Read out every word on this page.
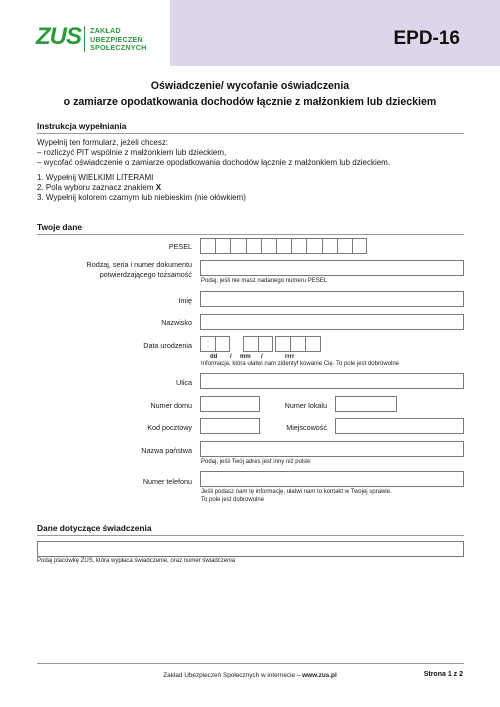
ZUS ZAKŁAD
UBEZPIECZEŃ
SPOŁECZNYCH	EPD-16
Oświadczenie/ wycofanie oświadczenia
o zamiarze opodatkowania dochodów łącznie z małżonkiem lub dzieckiem
Instrukcja wypełniania
Wypełnij ten formularz, jeżeli chcesz:
– rozliczyć PIT wspólnie z małżonkiem lub dzieckiem,
– wycofać oświadczenie o zamiarze opodatkowania dochodów łącznie z małżonkiem lub dzieckiem.
1. Wypełnij WIELKIMI LITERAMI
2. Pola wyboru zaznacz znakiem X
3. Wypełnij kolorem czarnym lub niebieskim (nie ołówkiem)
Twoje dane
PESEL
Rodzaj, seria i numer dokumentu
potwierdzającego tożsamość
Podaj, jeśli nie masz nadanego numeru PESEL
Imię
Nazwisko
Data urodzenia
dd / mm /	rrrr
Informacja, która ułatwi nam zidentyf kowanie Cię. To pole jest dobrowolne
Ulica
Numer domu	Numer lokalu
Kod pocztowy	Miejscowość
Nazwa państwa
Podaj, jeśli Twój adres jest inny niż polski
Numer telefonu
Jeśli podasz nam tę informację, ułatwi nam to kontakt w Twojej sprawie.
To pole jest dobrowolne
Dane dotyczące świadczenia
Podaj placówkę ZUS, która wypłaca świadczenie, oraz numer świadczenia
Zakład Ubezpieczeń Społecznych w internecie – www.zus.pl	Strona 1 z 2
